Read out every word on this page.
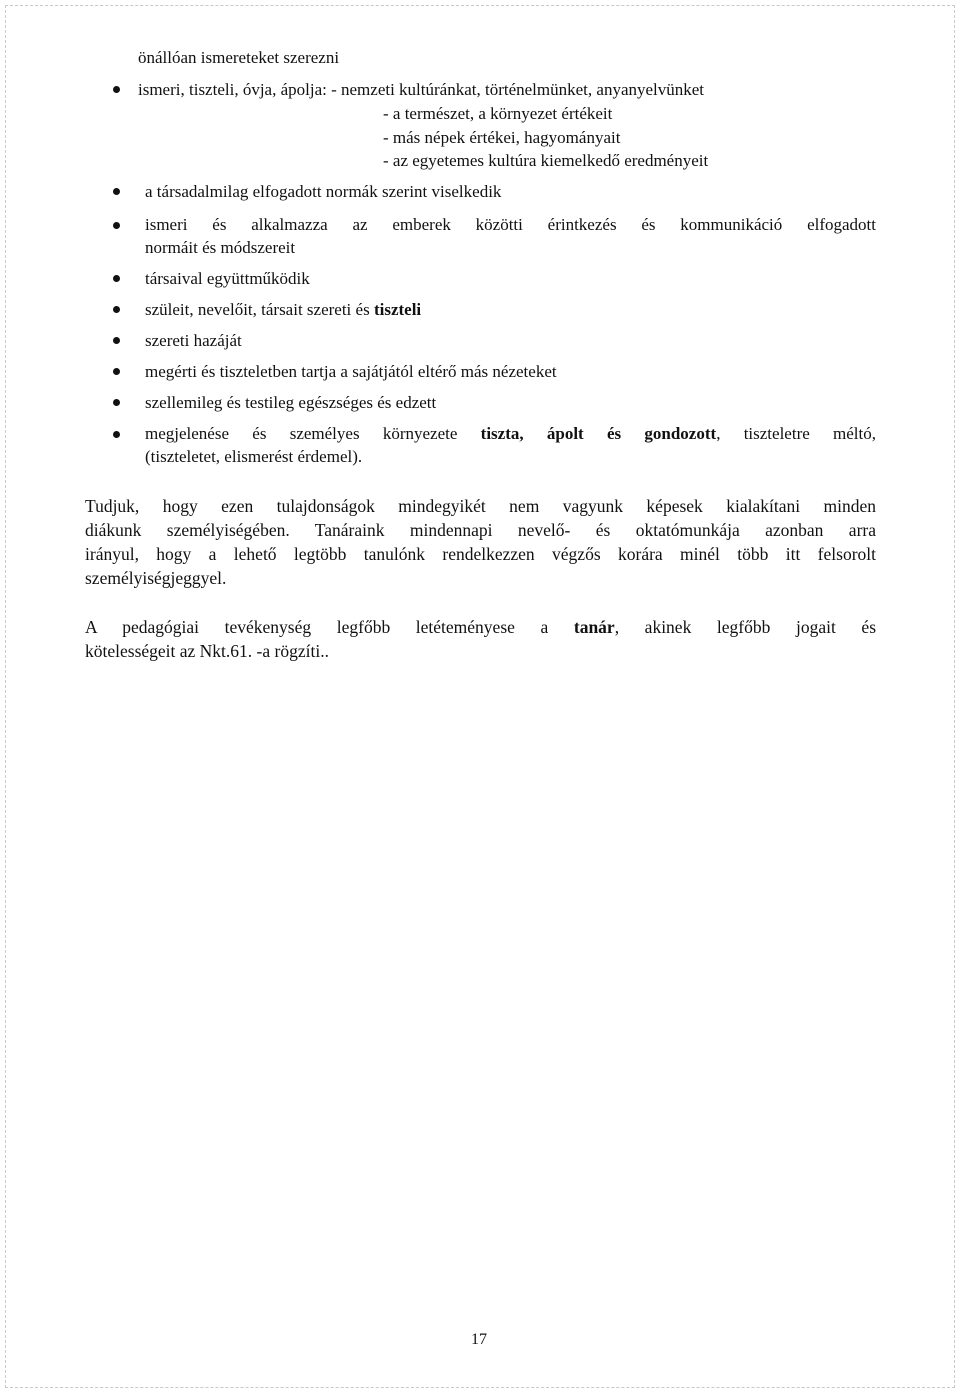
önállóan ismereteket szerezni

ismeri, tiszteli, óvja, ápolja: - nemzeti kultúránkat, történelmünket, anyanyelvünket

- a természet, a környezet értékeit

- más népek értékei, hagyományait

- az egyetemes kultúra kiemelkedő eredményeit

a társadalmilag elfogadott normák szerint viselkedik

ismeri és alkalmazza az emberek közötti érintkezés és kommunikáció elfogadott

normáit és módszereit

társaival együttműködik

szüleit, nevelőit, társait szereti és tiszteli

szereti hazáját

megérti és tiszteletben tartja a sajátjától eltérő más nézeteket

szellemileg és testileg egészséges és edzett

megjelenése és személyes környezete tiszta, ápolt és gondozott, tiszteletre méltó,

(tiszteletet, elismerést érdemel).

Tudjuk, hogy ezen tulajdonságok mindegyikét nem vagyunk képesek kialakítani minden
diákunk személyiségében. Tanáraink mindennapi nevelő- és oktatómunkája azonban arra
irányul, hogy a lehető legtöbb tanulónk rendelkezzen végzős korára minél több itt felsorolt
személyiségjeggyel.
A pedagógiai tevékenység legfőbb letéteményese a tanár, akinek legfőbb jogait és
kötelességeit az Nkt.61. -a rögzíti..

17
